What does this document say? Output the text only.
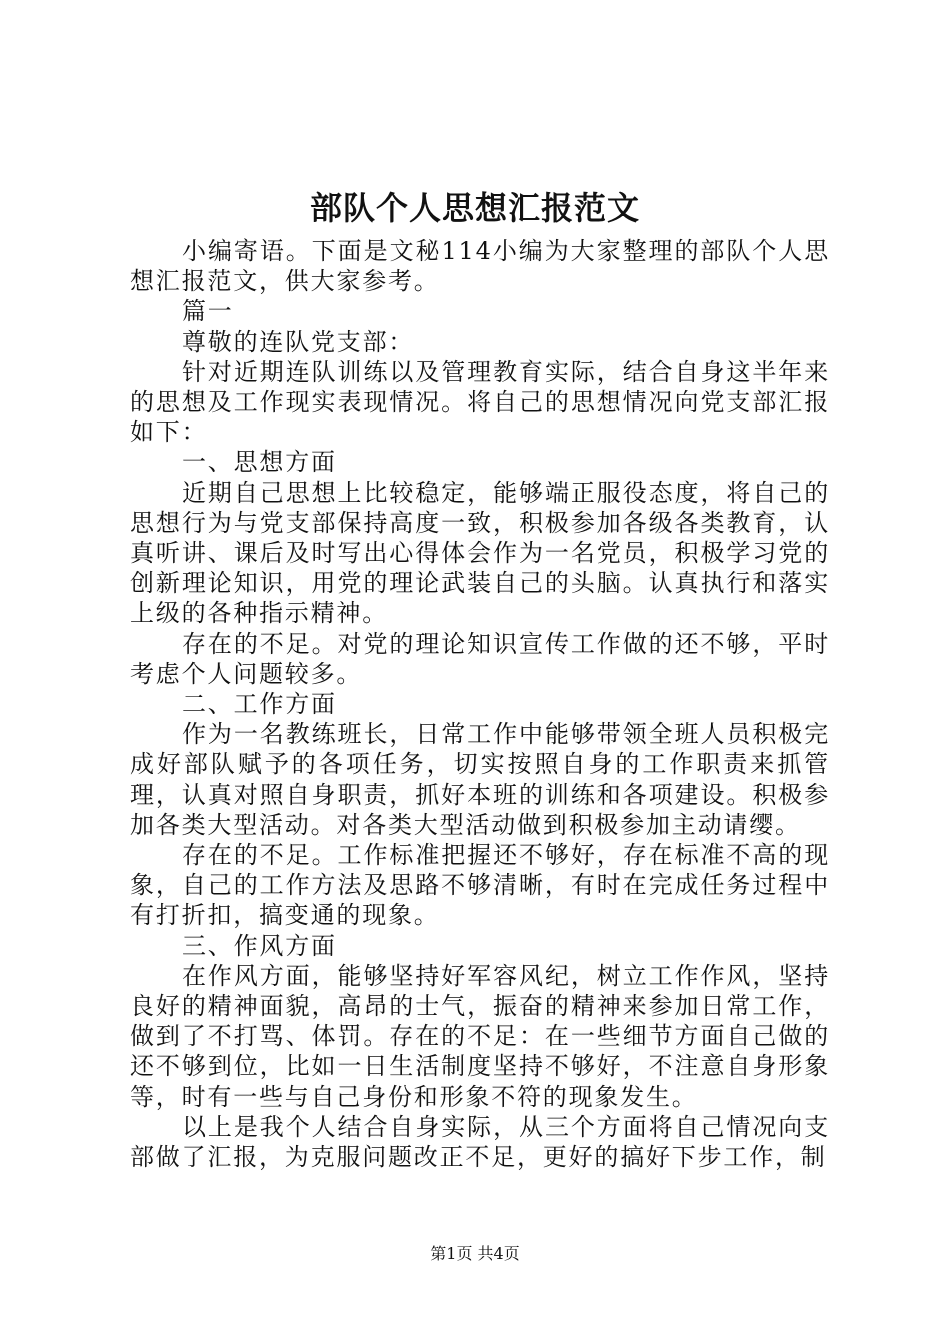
部队个人思想汇报范文

小编寄语。下面是文秘114小编为大家整理的部队个人思想汇报范文，供大家参考。

篇一

尊敬的连队党支部：

针对近期连队训练以及管理教育实际，结合自身这半年来的思想及工作现实表现情况。将自己的思想情况向党支部汇报如下：

一、思想方面

近期自己思想上比较稳定，能够端正服役态度，将自己的思想行为与党支部保持高度一致，积极参加各级各类教育，认真听讲、课后及时写出心得体会作为一名党员，积极学习党的创新理论知识，用党的理论武装自己的头脑。认真执行和落实上级的各种指示精神。

存在的不足。对党的理论知识宣传工作做的还不够，平时考虑个人问题较多。

二、工作方面

作为一名教练班长，日常工作中能够带领全班人员积极完成好部队赋予的各项任务，切实按照自身的工作职责来抓管理，认真对照自身职责，抓好本班的训练和各项建设。积极参加各类大型活动。对各类大型活动做到积极参加主动请缨。

存在的不足。工作标准把握还不够好，存在标准不高的现象，自己的工作方法及思路不够清晰，有时在完成任务过程中有打折扣，搞变通的现象。

三、作风方面

在作风方面，能够坚持好军容风纪，树立工作作风，坚持良好的精神面貌，高昂的士气，振奋的精神来参加日常工作，做到了不打骂、体罚。存在的不足：在一些细节方面自己做的还不够到位，比如一日生活制度坚持不够好，不注意自身形象等，时有一些与自己身份和形象不符的现象发生。

以上是我个人结合自身实际，从三个方面将自己情况向支部做了汇报，为克服问题改正不足，更好的搞好下步工作，制

第1页 共4页
